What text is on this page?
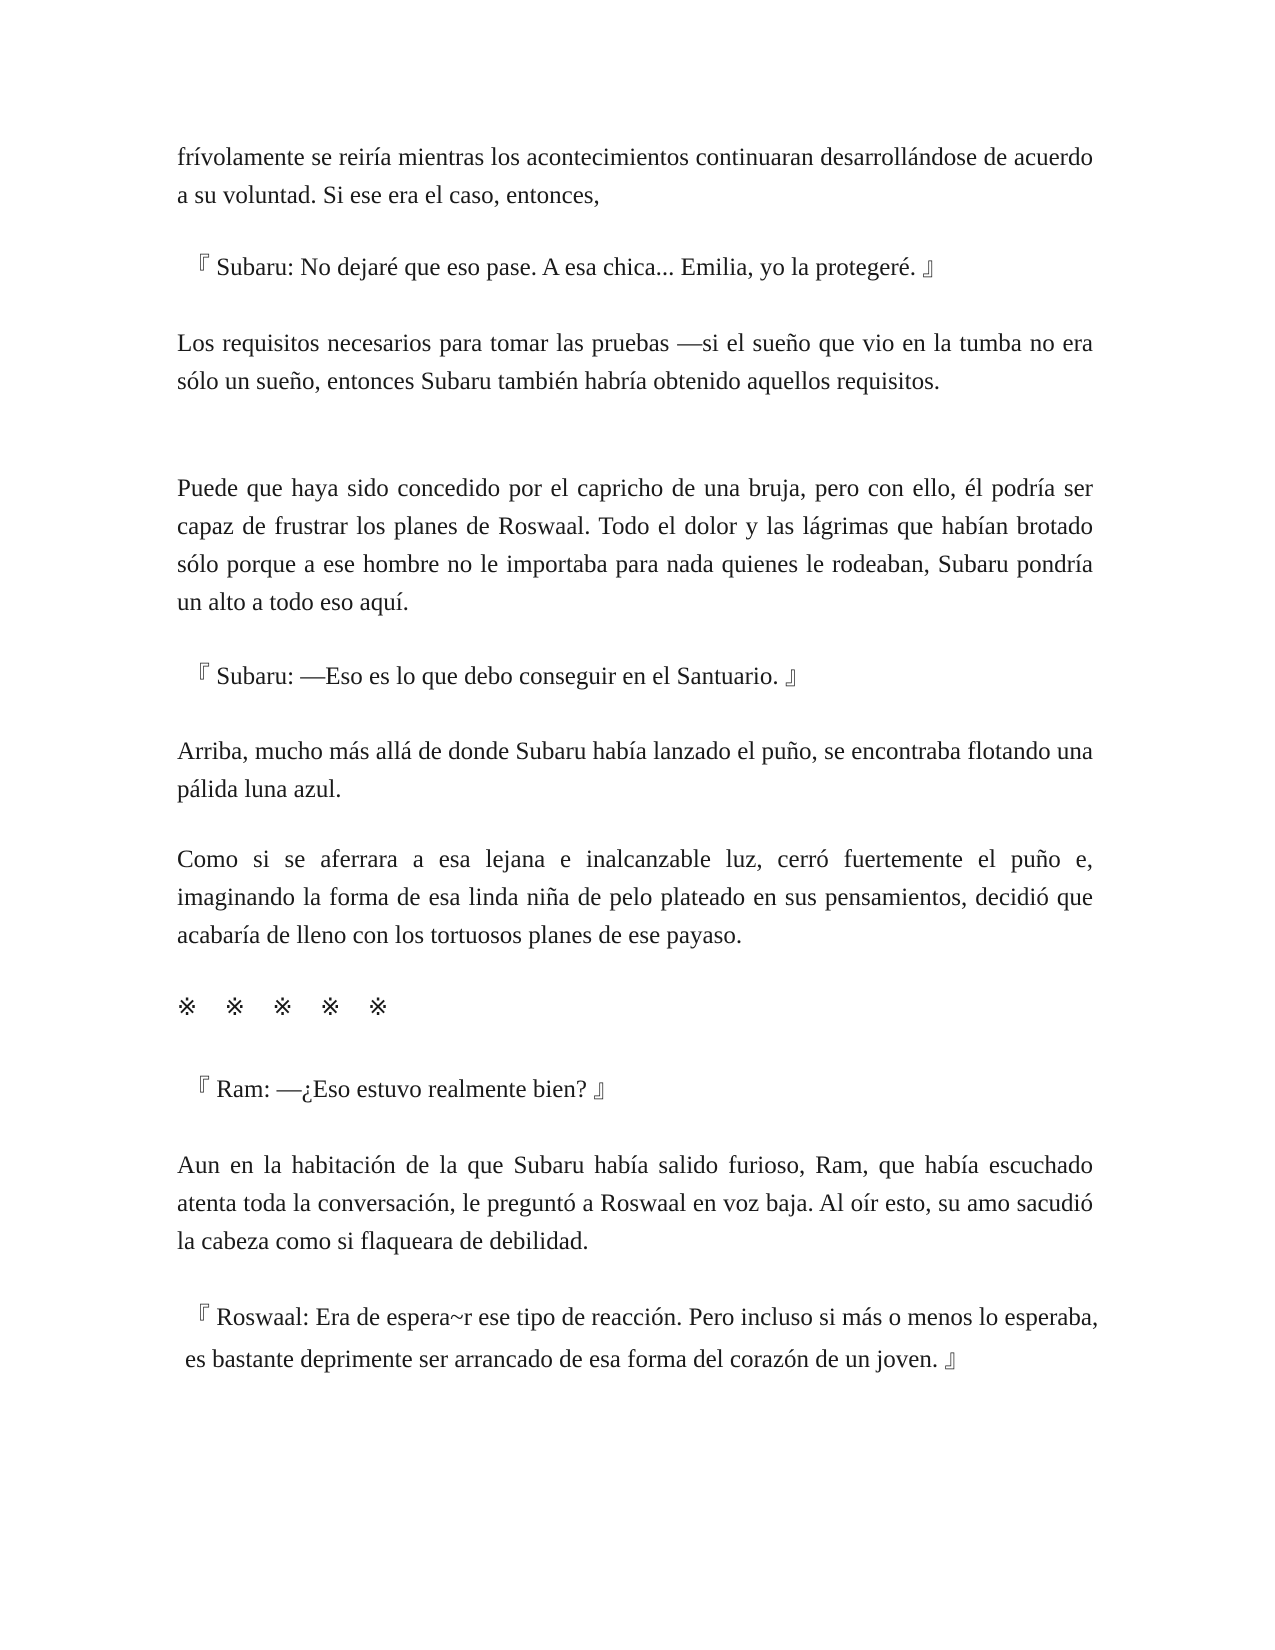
frívolamente se reiría mientras los acontecimientos continuaran desarrollándose de acuerdo a su voluntad. Si ese era el caso, entonces,

『 Subaru: No dejaré que eso pase. A esa chica... Emilia, yo la protegeré. 』

Los requisitos necesarios para tomar las pruebas —si el sueño que vio en la tumba no era sólo un sueño, entonces Subaru también habría obtenido aquellos requisitos.

Puede que haya sido concedido por el capricho de una bruja, pero con ello, él podría ser capaz de frustrar los planes de Roswaal. Todo el dolor y las lágrimas que habían brotado sólo porque a ese hombre no le importaba para nada quienes le rodeaban, Subaru pondría un alto a todo eso aquí.

『 Subaru: —Eso es lo que debo conseguir en el Santuario. 』

Arriba, mucho más allá de donde Subaru había lanzado el puño, se encontraba flotando una pálida luna azul.

Como si se aferrara a esa lejana e inalcanzable luz, cerró fuertemente el puño e, imaginando la forma de esa linda niña de pelo plateado en sus pensamientos, decidió que acabaría de lleno con los tortuosos planes de ese payaso.

※ ※ ※ ※ ※

『 Ram: —¿Eso estuvo realmente bien? 』

Aun en la habitación de la que Subaru había salido furioso, Ram, que había escuchado atenta toda la conversación, le preguntó a Roswaal en voz baja. Al oír esto, su amo sacudió la cabeza como si flaqueara de debilidad.

『 Roswaal: Era de espera~r ese tipo de reacción. Pero incluso si más o menos lo esperaba, es bastante deprimente ser arrancado de esa forma del corazón de un joven. 』
